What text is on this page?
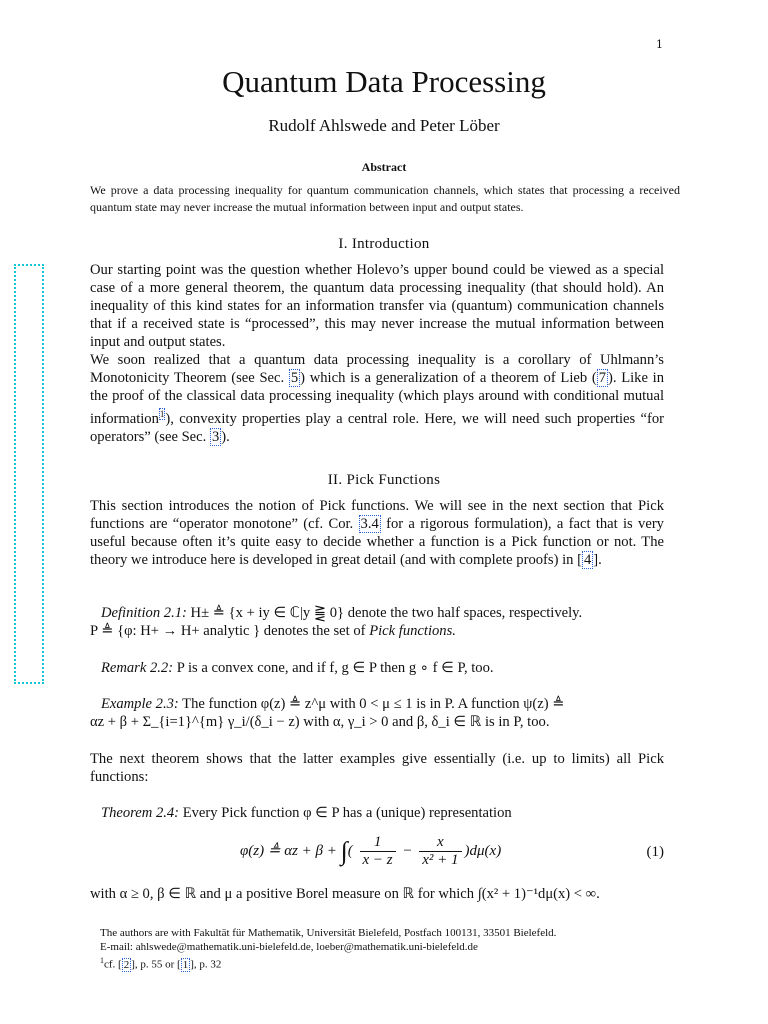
1
Quantum Data Processing
Rudolf Ahlswede and Peter Löber
Abstract
We prove a data processing inequality for quantum communication channels, which states that processing a received quantum state may never increase the mutual information between input and output states.
I. Introduction

Our starting point was the question whether Holevo’s upper bound could be viewed as a special case of a more general theorem, the quantum data processing inequality (that should hold). An inequality of this kind states for an information transfer via (quantum) communication channels that if a received state is “processed”, this may never increase the mutual information between input and output states.

We soon realized that a quantum data processing inequality is a corollary of Uhlmann’s Monotonicity Theorem (see Sec. 5 ) which is a generalization of a theorem of Lieb ( 7 ). Like in the proof of the classical data processing inequality (which plays around with conditional mutual information$^1$), convexity properties play a central role. Here, we will need such properties “for operators” (see Sec. 3 ).

II. Pick Functions

This section introduces the notion of Pick functions. We will see in the next section that Pick functions are “operator monotone” (cf. Cor. 3.4 for a rigorous formulation), a fact that is very useful because often it’s quite easy to decide whether a function is a Pick function or not. The theory we introduce here is developed in great detail (and with complete proofs) in [ 4 ].

Definition 2.1: H± ≜ {x + iy ∈ ℂ|y ⪌ 0} denote the two half spaces, respectively.

P ≜ {φ: H+ → H+ analytic } denotes the set of Pick functions.

Remark 2.2: P is a convex cone, and if f, g ∈ P then g ∘ f ∈ P, too.

Example 2.3: The function φ(z) ≜ z^μ with 0 < μ ≤ 1 is in P. A function ψ(z) ≜

αz + β + Σ_{i=1}^{m} γ_i/(δ_i − z) with α, γ_i > 0 and β, δ_i ∈ ℝ is in P, too.

The next theorem shows that the latter examples give essentially (i.e. up to limits) all Pick functions:

Theorem 2.4: Every Pick function φ ∈ P has a (unique) representation

φ(z) ≜ αz + β + ∫( $\frac{1}{x - z} - \frac{x}{\text{x² + 1}} )d\mu(x)$	(1)

with α ≥ 0, β ∈ ℝ and μ a positive Borel measure on ℝ for which ∫(x² + 1)⁻¹dμ(x) < ∞.

The authors are with Fakultät für Mathematik, Universität Bielefeld, Postfach 100131, 33501 Bielefeld.
E-mail: ahlswede@mathematik.uni-bielefeld.de, loeber@mathematik.uni-bielefeld.de
$^1$cf. [ 2 ], p. 55 or [ 1 ], p. 32
